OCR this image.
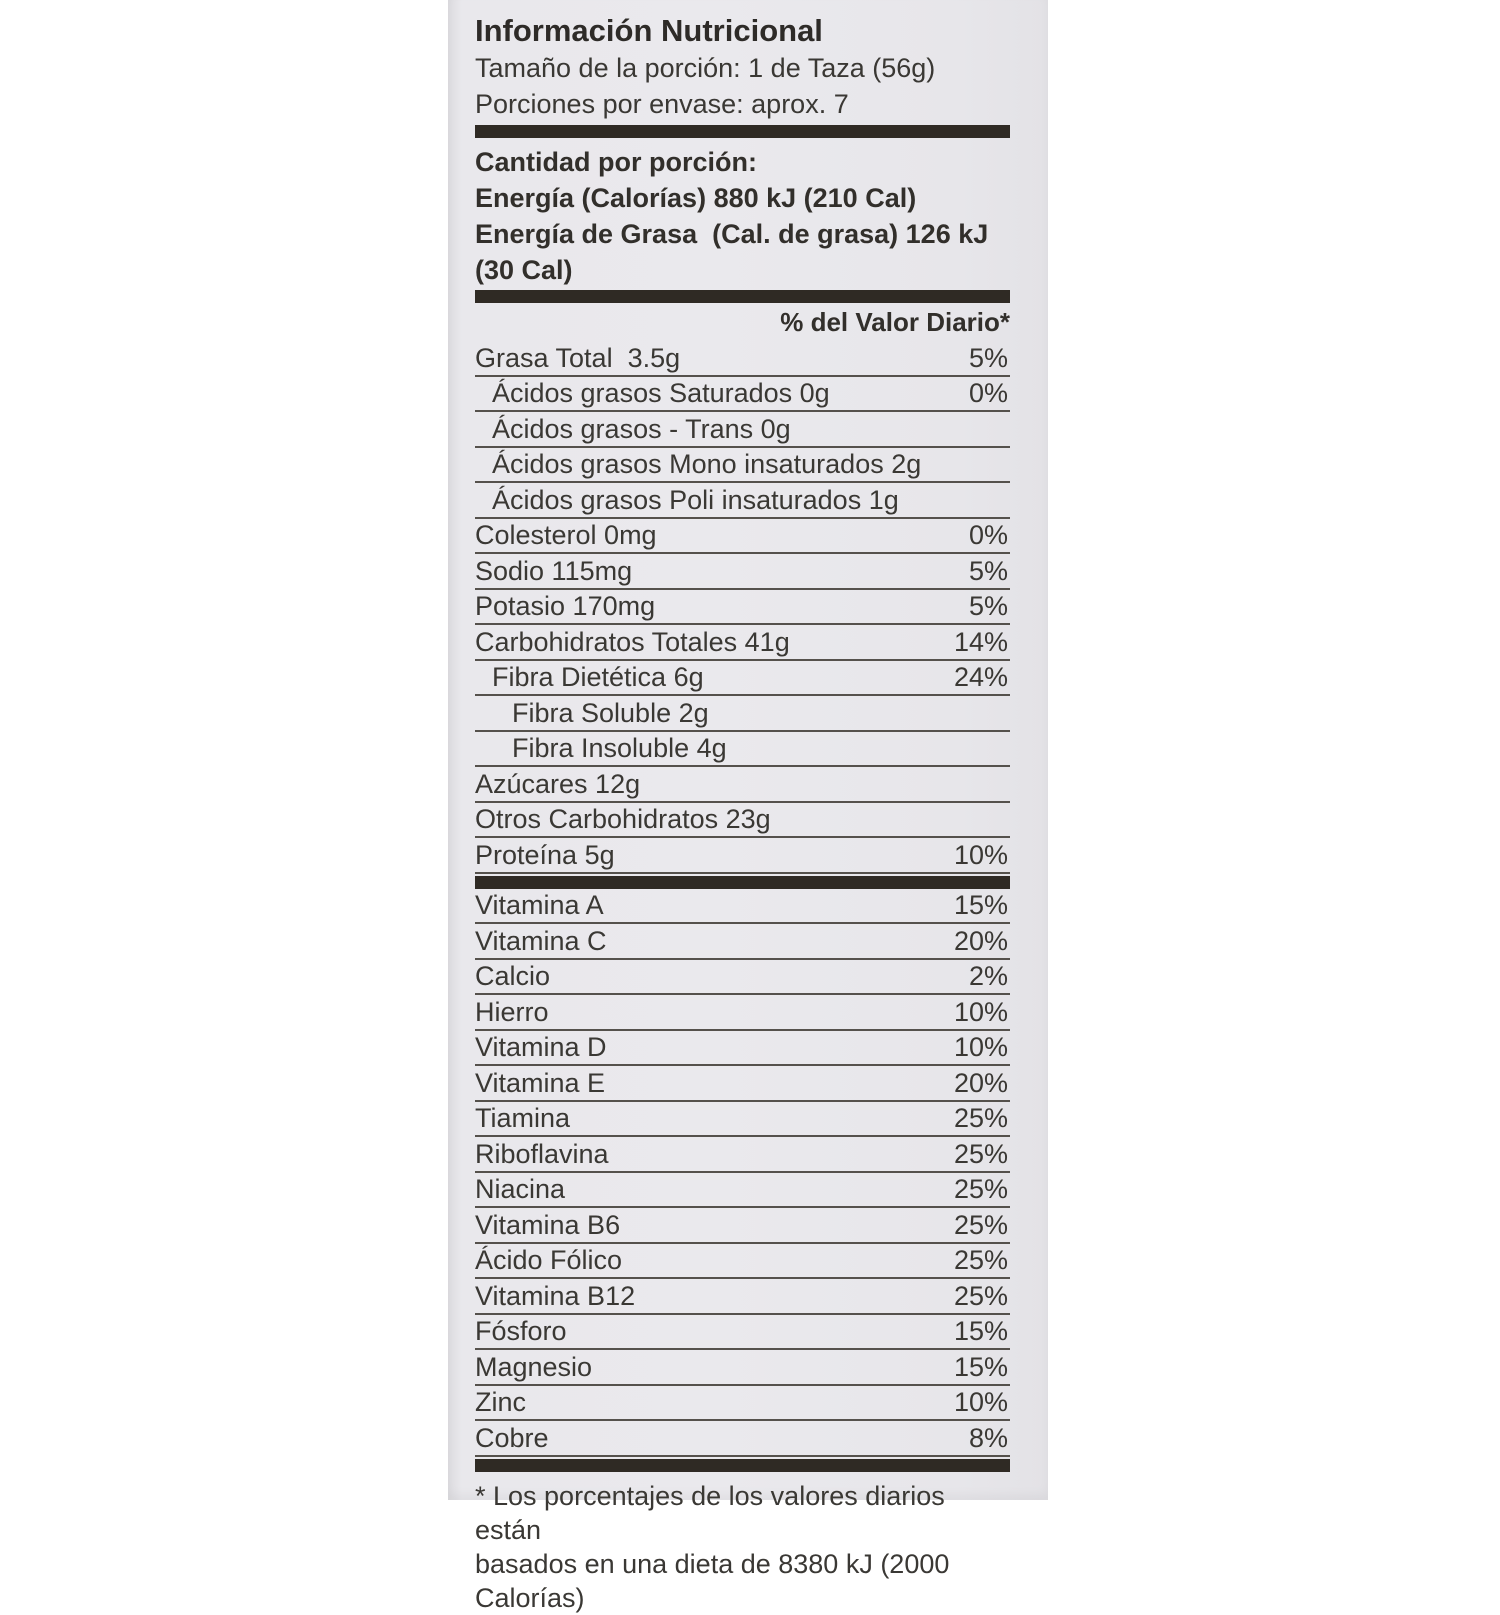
Información Nutricional
Tamaño de la porción: 1 de Taza (56g)
Porciones por envase: aprox. 7
Cantidad por porción:
Energía (Calorías) 880 kJ (210 Cal)
Energía de Grasa  (Cal. de grasa) 126 kJ (30 Cal)
% del Valor Diario*
Grasa Total  3.5g	5%
Ácidos grasos Saturados 0g	0%
Ácidos grasos - Trans 0g
Ácidos grasos Mono insaturados 2g
Ácidos grasos Poli insaturados 1g
Colesterol 0mg	0%
Sodio 115mg	5%
Potasio 170mg	5%
Carbohidratos Totales 41g	14%
Fibra Dietética 6g	24%
Fibra Soluble 2g
Fibra Insoluble 4g
Azúcares 12g
Otros Carbohidratos 23g
Proteína 5g	10%
Vitamina A	15%
Vitamina C	20%
Calcio	2%
Hierro	10%
Vitamina D	10%
Vitamina E	20%
Tiamina	25%
Riboflavina	25%
Niacina	25%
Vitamina B6	25%
Ácido Fólico	25%
Vitamina B12	25%
Fósforo	15%
Magnesio	15%
Zinc	10%
Cobre	8%
* Los porcentajes de los valores diarios están
basados en una dieta de 8380 kJ (2000 Calorías)
